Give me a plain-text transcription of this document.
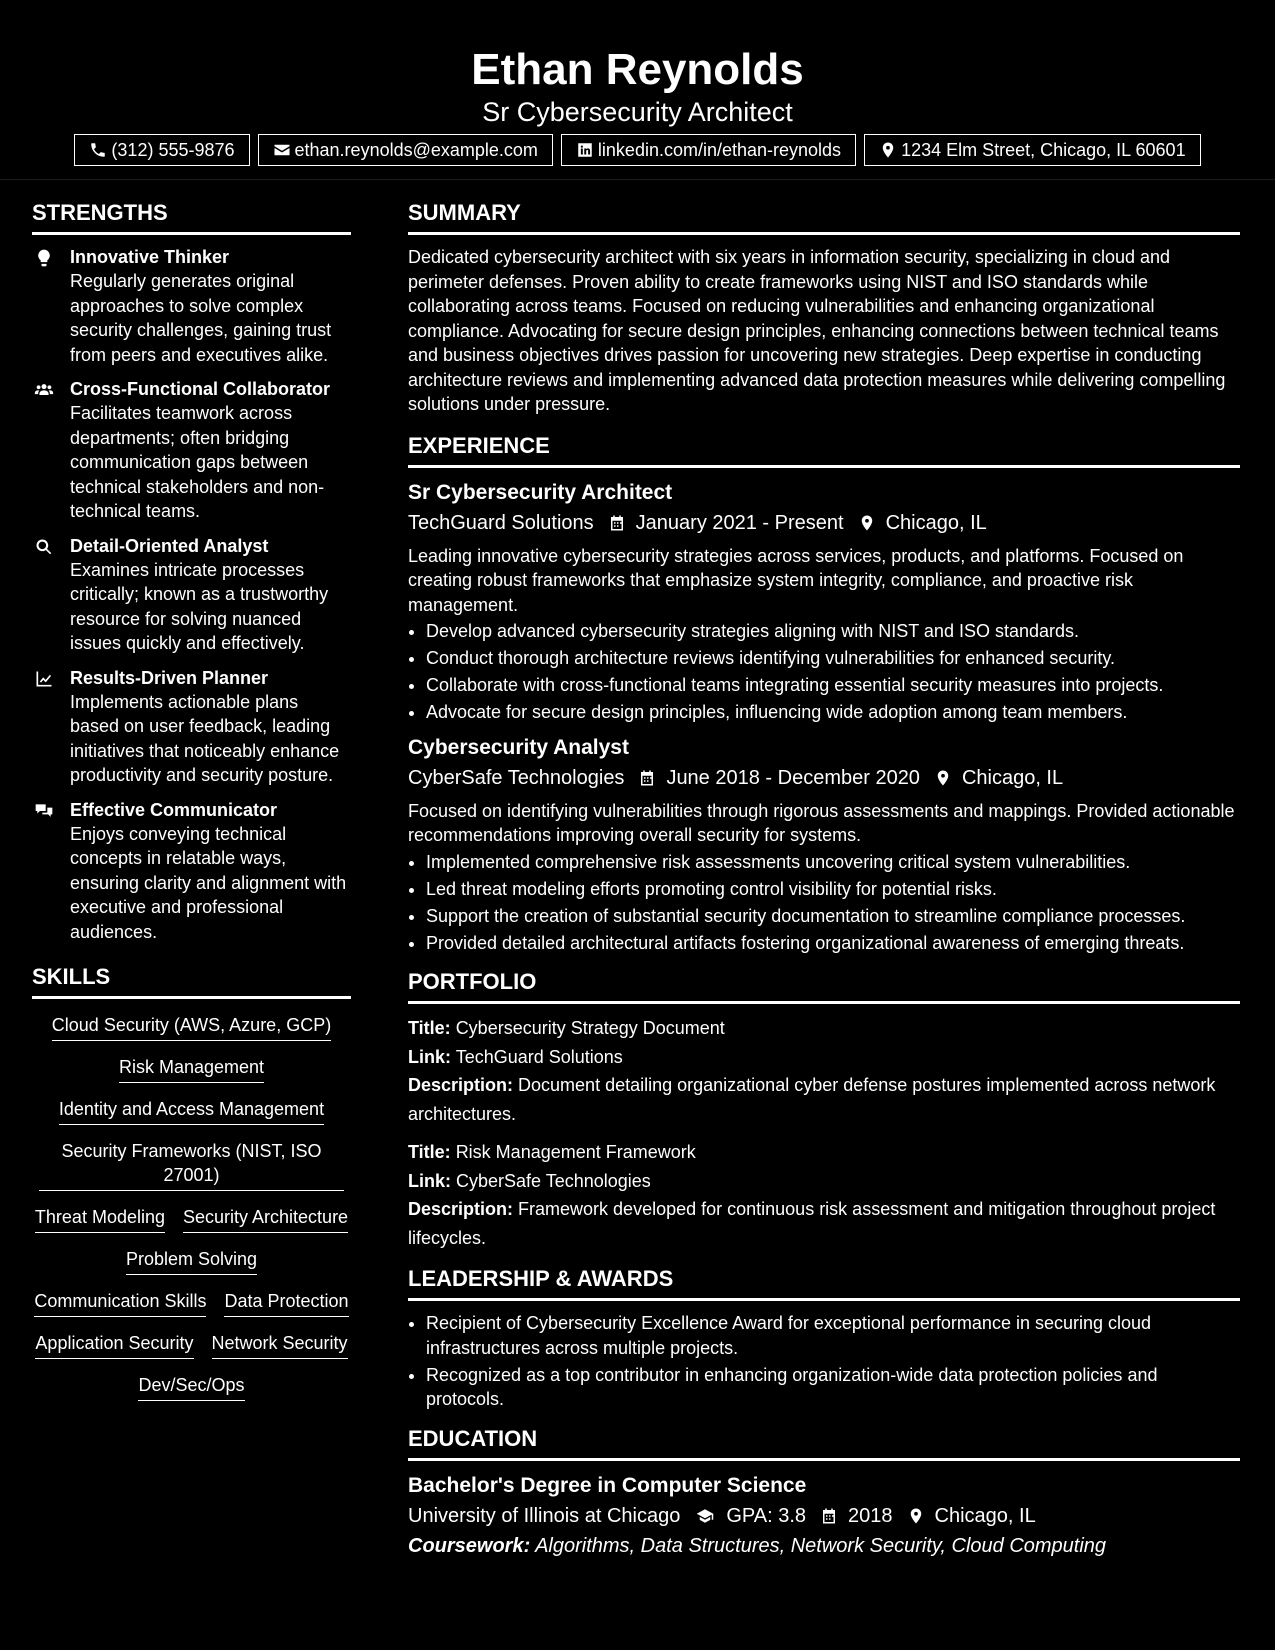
Ethan Reynolds
Sr Cybersecurity Architect
(312) 555-9876	ethan.reynolds@example.com	linkedin.com/in/ethan-reynolds	1234 Elm Street, Chicago, IL 60601
STRENGTHS
Innovative Thinker
Regularly generates original approaches to solve complex security challenges, gaining trust from peers and executives alike.
Cross-Functional Collaborator
Facilitates teamwork across departments; often bridging communication gaps between technical stakeholders and non-technical teams.
Detail-Oriented Analyst
Examines intricate processes critically; known as a trustworthy resource for solving nuanced issues quickly and effectively.
Results-Driven Planner
Implements actionable plans based on user feedback, leading initiatives that noticeably enhance productivity and security posture.
Effective Communicator
Enjoys conveying technical concepts in relatable ways, ensuring clarity and alignment with executive and professional audiences.
SKILLS
Cloud Security (AWS, Azure, GCP)
Risk Management
Identity and Access Management
Security Frameworks (NIST, ISO 27001)
Threat Modeling Security Architecture
Problem Solving
Communication Skills Data Protection
Application Security Network Security
Dev/Sec/Ops
SUMMARY
Dedicated cybersecurity architect with six years in information security, specializing in cloud and perimeter defenses. Proven ability to create frameworks using NIST and ISO standards while collaborating across teams. Focused on reducing vulnerabilities and enhancing organizational compliance. Advocating for secure design principles, enhancing connections between technical teams and business objectives drives passion for uncovering new strategies. Deep expertise in conducting architecture reviews and implementing advanced data protection measures while delivering compelling solutions under pressure.
EXPERIENCE
Sr Cybersecurity Architect
TechGuard Solutions January 2021 - Present Chicago, IL
Leading innovative cybersecurity strategies across services, products, and platforms. Focused on creating robust frameworks that emphasize system integrity, compliance, and proactive risk management.
• Develop advanced cybersecurity strategies aligning with NIST and ISO standards.
• Conduct thorough architecture reviews identifying vulnerabilities for enhanced security.
• Collaborate with cross-functional teams integrating essential security measures into projects.
• Advocate for secure design principles, influencing wide adoption among team members.
Cybersecurity Analyst
CyberSafe Technologies June 2018 - December 2020 Chicago, IL
Focused on identifying vulnerabilities through rigorous assessments and mappings. Provided actionable recommendations improving overall security for systems.
• Implemented comprehensive risk assessments uncovering critical system vulnerabilities.
• Led threat modeling efforts promoting control visibility for potential risks.
• Support the creation of substantial security documentation to streamline compliance processes.
• Provided detailed architectural artifacts fostering organizational awareness of emerging threats.
PORTFOLIO
Title: Cybersecurity Strategy Document
Link: TechGuard Solutions
Description: Document detailing organizational cyber defense postures implemented across network architectures.
Title: Risk Management Framework
Link: CyberSafe Technologies
Description: Framework developed for continuous risk assessment and mitigation throughout project lifecycles.
LEADERSHIP & AWARDS
• Recipient of Cybersecurity Excellence Award for exceptional performance in securing cloud infrastructures across multiple projects.
• Recognized as a top contributor in enhancing organization-wide data protection policies and protocols.
EDUCATION
Bachelor's Degree in Computer Science
University of Illinois at Chicago GPA: 3.8 2018 Chicago, IL
Coursework: Algorithms, Data Structures, Network Security, Cloud Computing
